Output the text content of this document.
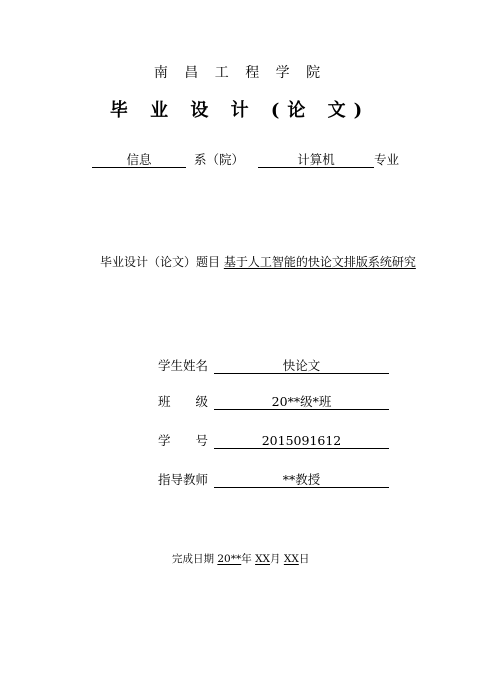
南 昌 工 程 学 院
毕 业 设 计 (论 文)
信息	系（院）	计算机	专业
毕业设计（论文）题目 基于人工智能的快论文排版系统研究
学生姓名	快论文
班　　级	20**级*班
学　　号	2015091612
指导教师	**教授
完成日期 20**年 XX月 XX日
